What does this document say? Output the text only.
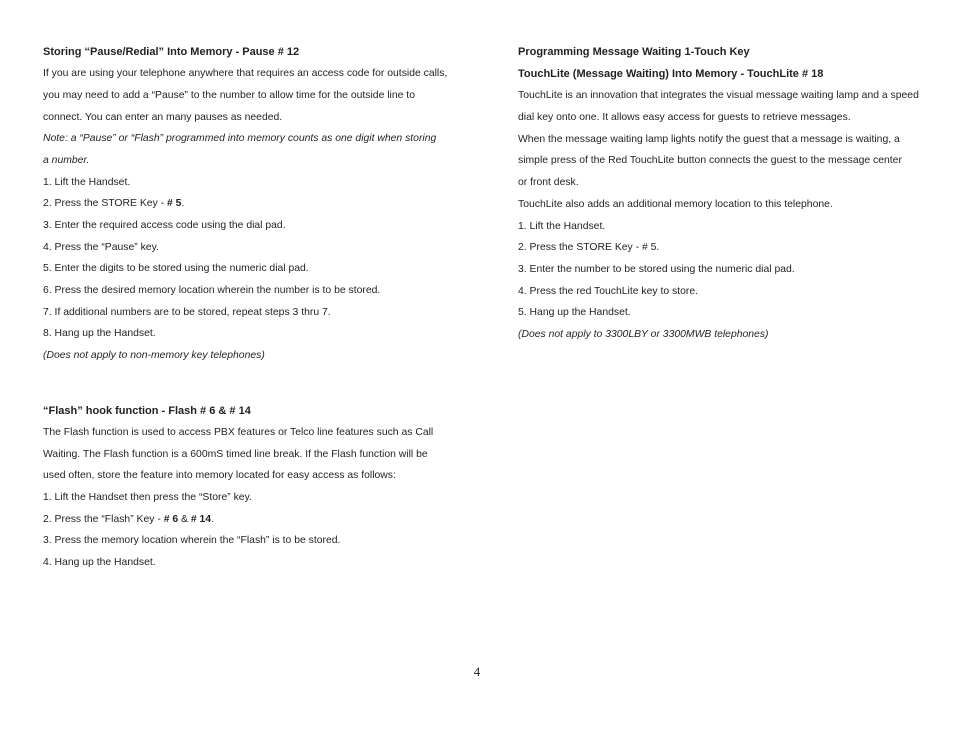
Storing “Pause/Redial” Into Memory - Pause # 12
If you are using your telephone anywhere that requires an access code for outside calls,
you may need to add a “Pause” to the number to allow time for the outside line to
connect. You can enter an many pauses as needed.
Note: a “Pause” or “Flash” programmed into memory counts as one digit when storing
a number.
1. Lift the Handset.
2. Press the STORE Key - # 5.
3. Enter the required access code using the dial pad.
4. Press the “Pause” key.
5. Enter the digits to be stored using the numeric dial pad.
6. Press the desired memory location wherein the number is to be stored.
7. If additional numbers are to be stored, repeat steps 3 thru 7.
8. Hang up the Handset.
(Does not apply to non-memory key telephones)
“Flash” hook function - Flash # 6 & # 14
The Flash function is used to access PBX features or Telco line features such as Call
Waiting. The Flash function is a 600mS timed line break. If the Flash function will be
used often, store the feature into memory located for easy access as follows:
1. Lift the Handset then press the “Store” key.
2. Press the “Flash” Key - # 6 & # 14.
3. Press the memory location wherein the “Flash” is to be stored.
4. Hang up the Handset.
Programming Message Waiting 1-Touch Key
TouchLite (Message Waiting) Into Memory - TouchLite # 18
TouchLite is an innovation that integrates the visual message waiting lamp and a speed
dial key onto one. It allows easy access for guests to retrieve messages.
When the message waiting lamp lights notify the guest that a message is waiting, a
simple press of the Red TouchLite button connects the guest to the message center
or front desk.
TouchLite also adds an additional memory location to this telephone.
1. Lift the Handset.
2. Press the STORE Key - # 5.
3. Enter the number to be stored using the numeric dial pad.
4. Press the red TouchLite key to store.
5. Hang up the Handset.
(Does not apply to 3300LBY or 3300MWB telephones)
4
